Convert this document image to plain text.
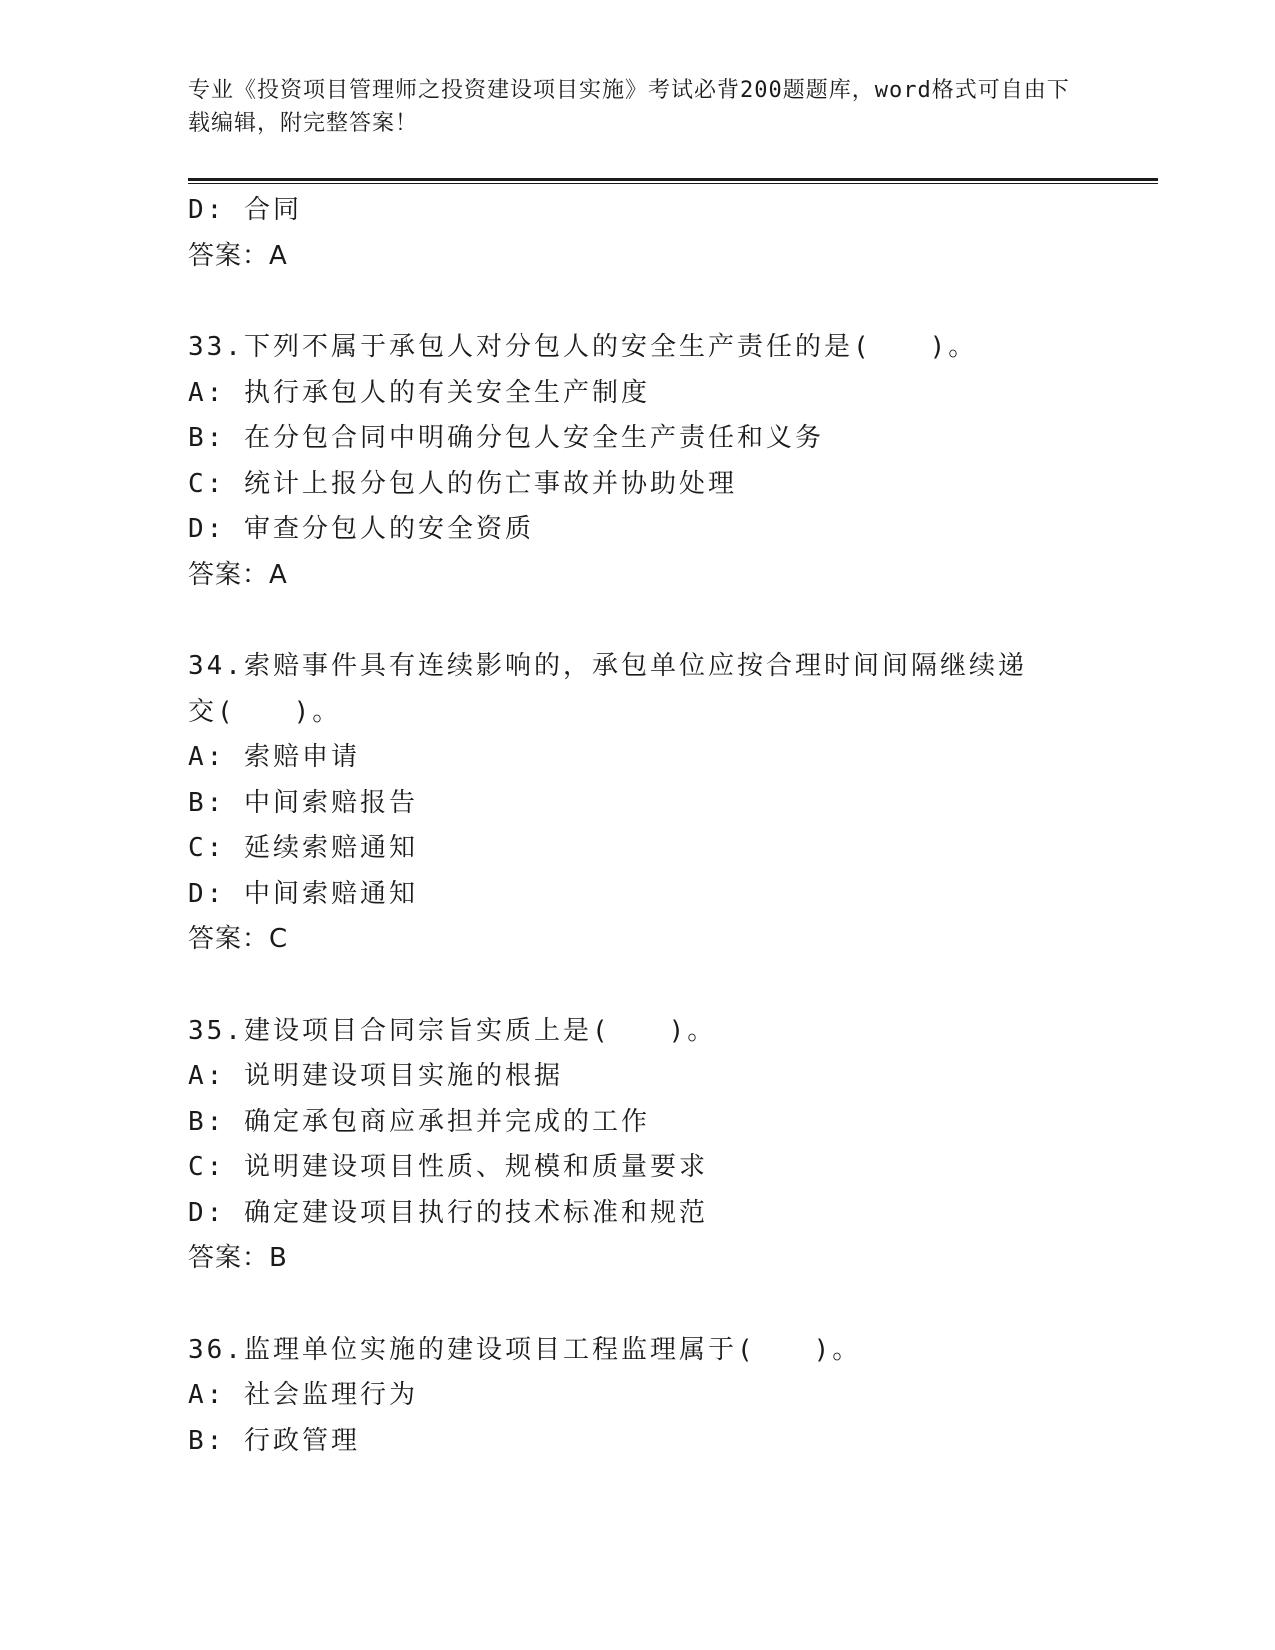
专业《投资项目管理师之投资建设项目实施》考试必背200题题库，word格式可自由下载编辑，附完整答案！
D: 合同
答案：A
33.下列不属于承包人对分包人的安全生产责任的是(　　)。
A: 执行承包人的有关安全生产制度
B: 在分包合同中明确分包人安全生产责任和义务
C: 统计上报分包人的伤亡事故并协助处理
D: 审查分包人的安全资质
答案：A
34.索赔事件具有连续影响的，承包单位应按合理时间间隔继续递交(　　)。
A: 索赔申请
B: 中间索赔报告
C: 延续索赔通知
D: 中间索赔通知
答案：C
35.建设项目合同宗旨实质上是(　　)。
A: 说明建设项目实施的根据
B: 确定承包商应承担并完成的工作
C: 说明建设项目性质、规模和质量要求
D: 确定建设项目执行的技术标准和规范
答案：B
36.监理单位实施的建设项目工程监理属于(　　)。
A: 社会监理行为
B: 行政管理
